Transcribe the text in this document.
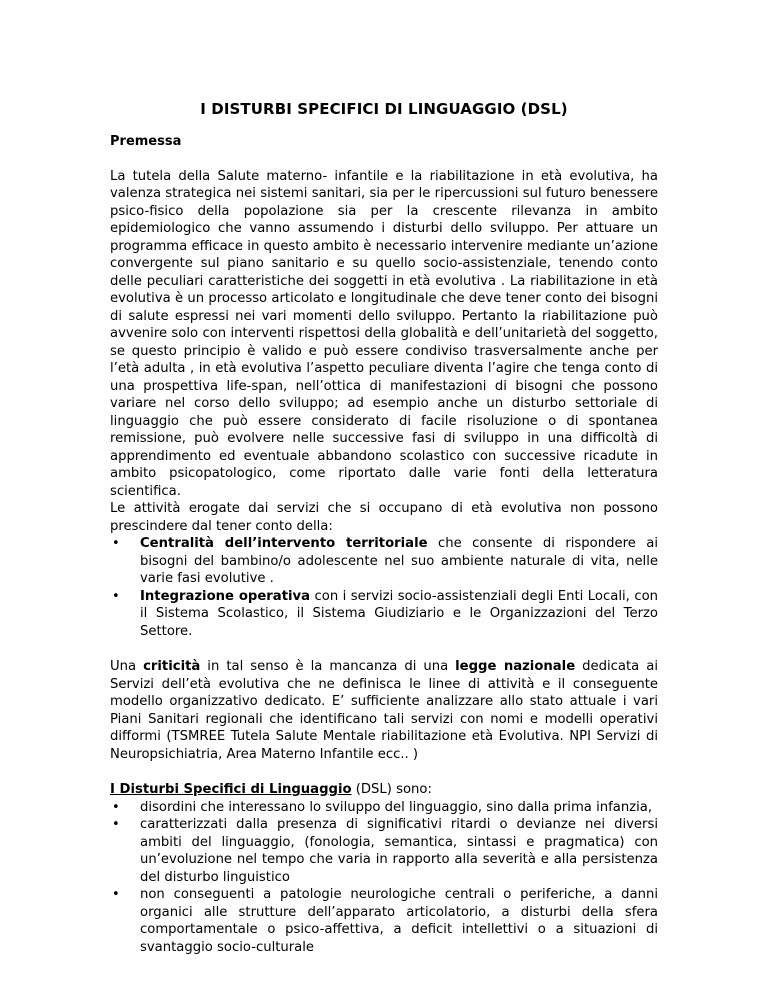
I DISTURBI SPECIFICI DI LINGUAGGIO (DSL)
Premessa

La tutela della Salute materno- infantile e la riabilitazione in età evolutiva, ha valenza strategica nei sistemi sanitari, sia per le ripercussioni sul futuro benessere psico-fisico della popolazione sia per la crescente rilevanza in ambito epidemiologico che vanno assumendo i disturbi dello sviluppo. Per attuare un programma efficace in questo ambito è necessario intervenire mediante un’azione convergente sul piano sanitario e su quello socio-assistenziale, tenendo conto delle peculiari caratteristiche dei soggetti in età evolutiva . La riabilitazione in età evolutiva è un processo articolato e longitudinale che deve tener conto dei bisogni di salute espressi nei vari momenti dello sviluppo. Pertanto la riabilitazione può avvenire solo con interventi rispettosi della globalità e dell’unitarietà del soggetto, se questo principio è valido e può essere condiviso trasversalmente anche per l’età adulta , in età evolutiva l’aspetto peculiare diventa l’agire che tenga conto di una prospettiva life-span, nell’ottica di manifestazioni di bisogni che possono variare nel corso dello sviluppo; ad esempio anche un disturbo settoriale di linguaggio che può essere considerato di facile risoluzione o di spontanea remissione, può evolvere nelle successive fasi di sviluppo in una difficoltà di apprendimento ed eventuale abbandono scolastico con successive ricadute in ambito psicopatologico, come riportato dalle varie fonti della letteratura scientifica.

Le attività erogate dai servizi che si occupano di età evolutiva non possono prescindere dal tener conto della:

• Centralità dell’intervento territoriale che consente di rispondere ai bisogni del bambino/o adolescente nel suo ambiente naturale di vita, nelle varie fasi evolutive .
• Integrazione operativa con i servizi socio-assistenziali degli Enti Locali, con il Sistema Scolastico, il Sistema Giudiziario e le Organizzazioni del Terzo Settore.

Una criticità in tal senso è la mancanza di una legge nazionale dedicata ai Servizi dell’età evolutiva che ne definisca le linee di attività e il conseguente modello organizzativo dedicato. E’ sufficiente analizzare allo stato attuale i vari Piani Sanitari regionali che identificano tali servizi con nomi e modelli operativi difformi (TSMREE Tutela Salute Mentale riabilitazione età Evolutiva. NPI Servizi di Neuropsichiatria, Area Materno Infantile ecc.. )

I Disturbi Specifici di Linguaggio (DSL) sono:

• disordini che interessano lo sviluppo del linguaggio, sino dalla prima infanzia,
• caratterizzati dalla presenza di significativi ritardi o devianze nei diversi ambiti del linguaggio, (fonologia, semantica, sintassi e pragmatica) con un’evoluzione nel tempo che varia in rapporto alla severità e alla persistenza del disturbo linguistico
• non conseguenti a patologie neurologiche centrali o periferiche, a danni organici alle strutture dell’apparato articolatorio, a disturbi della sfera comportamentale o psico-affettiva, a deficit intellettivi o a situazioni di svantaggio socio-culturale
